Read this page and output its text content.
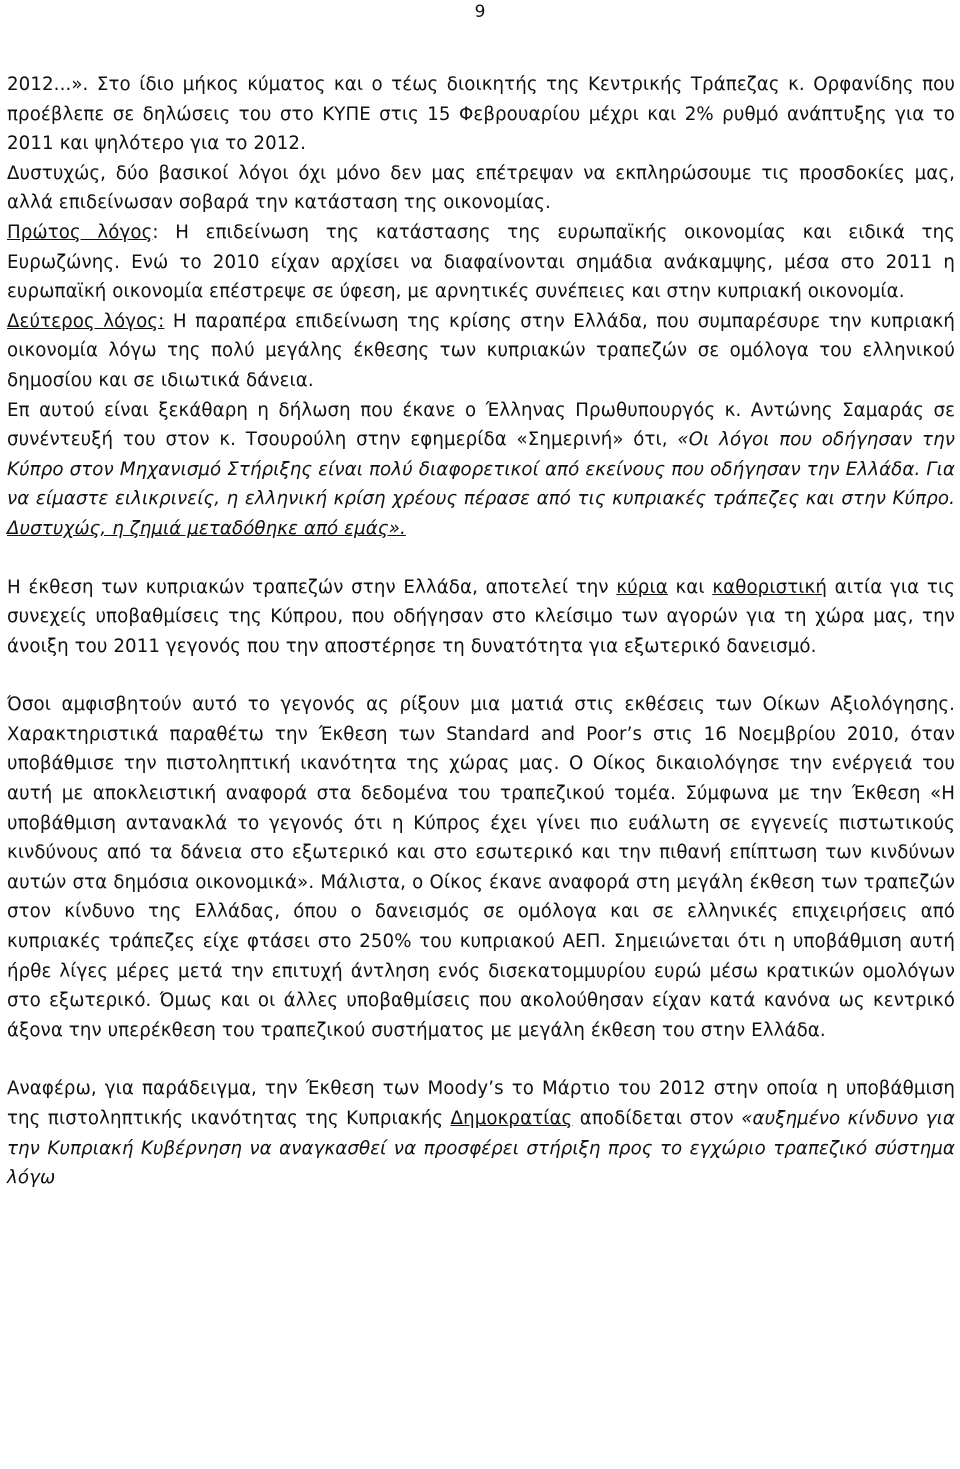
9

2012...». Στο ίδιο μήκος κύματος και ο τέως διοικητής της Κεντρικής Τράπεζας κ. Ορφανίδης που προέβλεπε σε δηλώσεις του στο ΚΥΠΕ στις 15 Φεβρουαρίου μέχρι και 2% ρυθμό ανάπτυξης για το 2011 και ψηλότερο για το 2012.

Δυστυχώς, δύο βασικοί λόγοι όχι μόνο δεν μας επέτρεψαν να εκπληρώσουμε τις προσδοκίες μας, αλλά επιδείνωσαν σοβαρά την κατάσταση της οικονομίας.

Πρώτος λόγος: Η επιδείνωση της κατάστασης της ευρωπαϊκής οικονομίας και ειδικά της Ευρωζώνης. Ενώ το 2010 είχαν αρχίσει να διαφαίνονται σημάδια ανάκαμψης, μέσα στο 2011 η ευρωπαϊκή οικονομία επέστρεψε σε ύφεση, με αρνητικές συνέπειες και στην κυπριακή οικονομία.

Δεύτερος λόγος: Η παραπέρα επιδείνωση της κρίσης στην Ελλάδα, που συμπαρέσυρε την κυπριακή οικονομία λόγω της πολύ μεγάλης έκθεσης των κυπριακών τραπεζών σε ομόλογα του ελληνικού δημοσίου και σε ιδιωτικά δάνεια.

Επ αυτού είναι ξεκάθαρη η δήλωση που έκανε ο Έλληνας Πρωθυπουργός κ. Αντώνης Σαμαράς σε συνέντευξή του στον κ. Τσουρούλη στην εφημερίδα «Σημερινή» ότι, «Οι λόγοι που οδήγησαν την Κύπρο στον Μηχανισμό Στήριξης είναι πολύ διαφορετικοί από εκείνους που οδήγησαν την Ελλάδα. Για να είμαστε ειλικρινείς, η ελληνική κρίση χρέους πέρασε από τις κυπριακές τράπεζες και στην Κύπρο. Δυστυχώς, η ζημιά μεταδόθηκε από εμάς».

Η έκθεση των κυπριακών τραπεζών στην Ελλάδα, αποτελεί την κύρια και καθοριστική αιτία για τις συνεχείς υποβαθμίσεις της Κύπρου, που οδήγησαν στο κλείσιμο των αγορών για τη χώρα μας, την άνοιξη του 2011 γεγονός που την αποστέρησε τη δυνατότητα για εξωτερικό δανεισμό.

Όσοι αμφισβητούν αυτό το γεγονός ας ρίξουν μια ματιά στις εκθέσεις των Οίκων Αξιολόγησης. Χαρακτηριστικά παραθέτω την Έκθεση των Standard and Poor’s στις 16 Νοεμβρίου 2010, όταν υποβάθμισε την πιστοληπτική ικανότητα της χώρας μας. Ο Οίκος δικαιολόγησε την ενέργειά του αυτή με αποκλειστική αναφορά στα δεδομένα του τραπεζικού τομέα. Σύμφωνα με την Έκθεση «Η υποβάθμιση αντανακλά το γεγονός ότι η Κύπρος έχει γίνει πιο ευάλωτη σε εγγενείς πιστωτικούς κινδύνους από τα δάνεια στο εξωτερικό και στο εσωτερικό και την πιθανή επίπτωση των κινδύνων αυτών στα δημόσια οικονομικά». Μάλιστα, ο Οίκος έκανε αναφορά στη μεγάλη έκθεση των τραπεζών στον κίνδυνο της Ελλάδας, όπου ο δανεισμός σε ομόλογα και σε ελληνικές επιχειρήσεις από κυπριακές τράπεζες είχε φτάσει στο 250% του κυπριακού ΑΕΠ. Σημειώνεται ότι η υποβάθμιση αυτή ήρθε λίγες μέρες μετά την επιτυχή άντληση ενός δισεκατομμυρίου ευρώ μέσω κρατικών ομολόγων στο εξωτερικό. Όμως και οι άλλες υποβαθμίσεις που ακολούθησαν είχαν κατά κανόνα ως κεντρικό άξονα την υπερέκθεση του τραπεζικού συστήματος με μεγάλη έκθεση του στην Ελλάδα.

Αναφέρω, για παράδειγμα, την Έκθεση των Moody’s το Μάρτιο του 2012 στην οποία η υποβάθμιση της πιστοληπτικής ικανότητας της Κυπριακής Δημοκρατίας αποδίδεται στον «αυξημένο κίνδυνο για την Κυπριακή Κυβέρνηση να αναγκασθεί να προσφέρει στήριξη προς το εγχώριο τραπεζικό σύστημα λόγω
